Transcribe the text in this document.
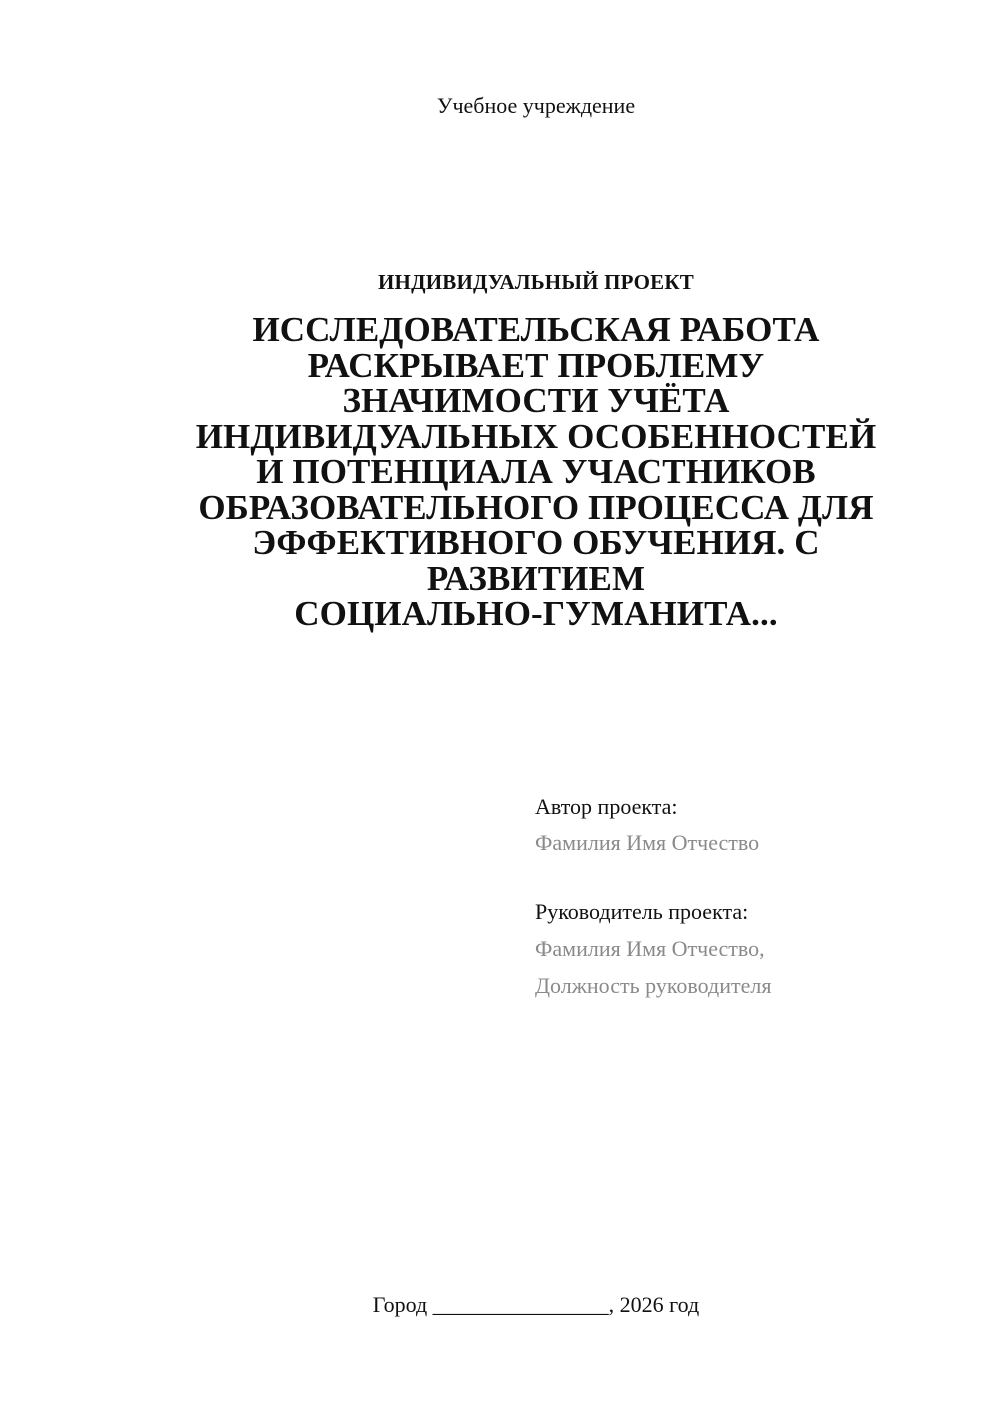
Учебное учреждение
ИНДИВИДУАЛЬНЫЙ ПРОЕКТ
ИССЛЕДОВАТЕЛЬСКАЯ РАБОТА
РАСКРЫВАЕТ ПРОБЛЕМУ
ЗНАЧИМОСТИ УЧЁТА
ИНДИВИДУАЛЬНЫХ ОСОБЕННОСТЕЙ
И ПОТЕНЦИАЛА УЧАСТНИКОВ
ОБРАЗОВАТЕЛЬНОГО ПРОЦЕССА ДЛЯ
ЭФФЕКТИВНОГО ОБУЧЕНИЯ. С
РАЗВИТИЕМ
СОЦИАЛЬНО-ГУМАНИТА...
Автор проекта:
Фамилия Имя Отчество
Руководитель проекта:
Фамилия Имя Отчество,
Должность руководителя
Город ________________, 2026 год
